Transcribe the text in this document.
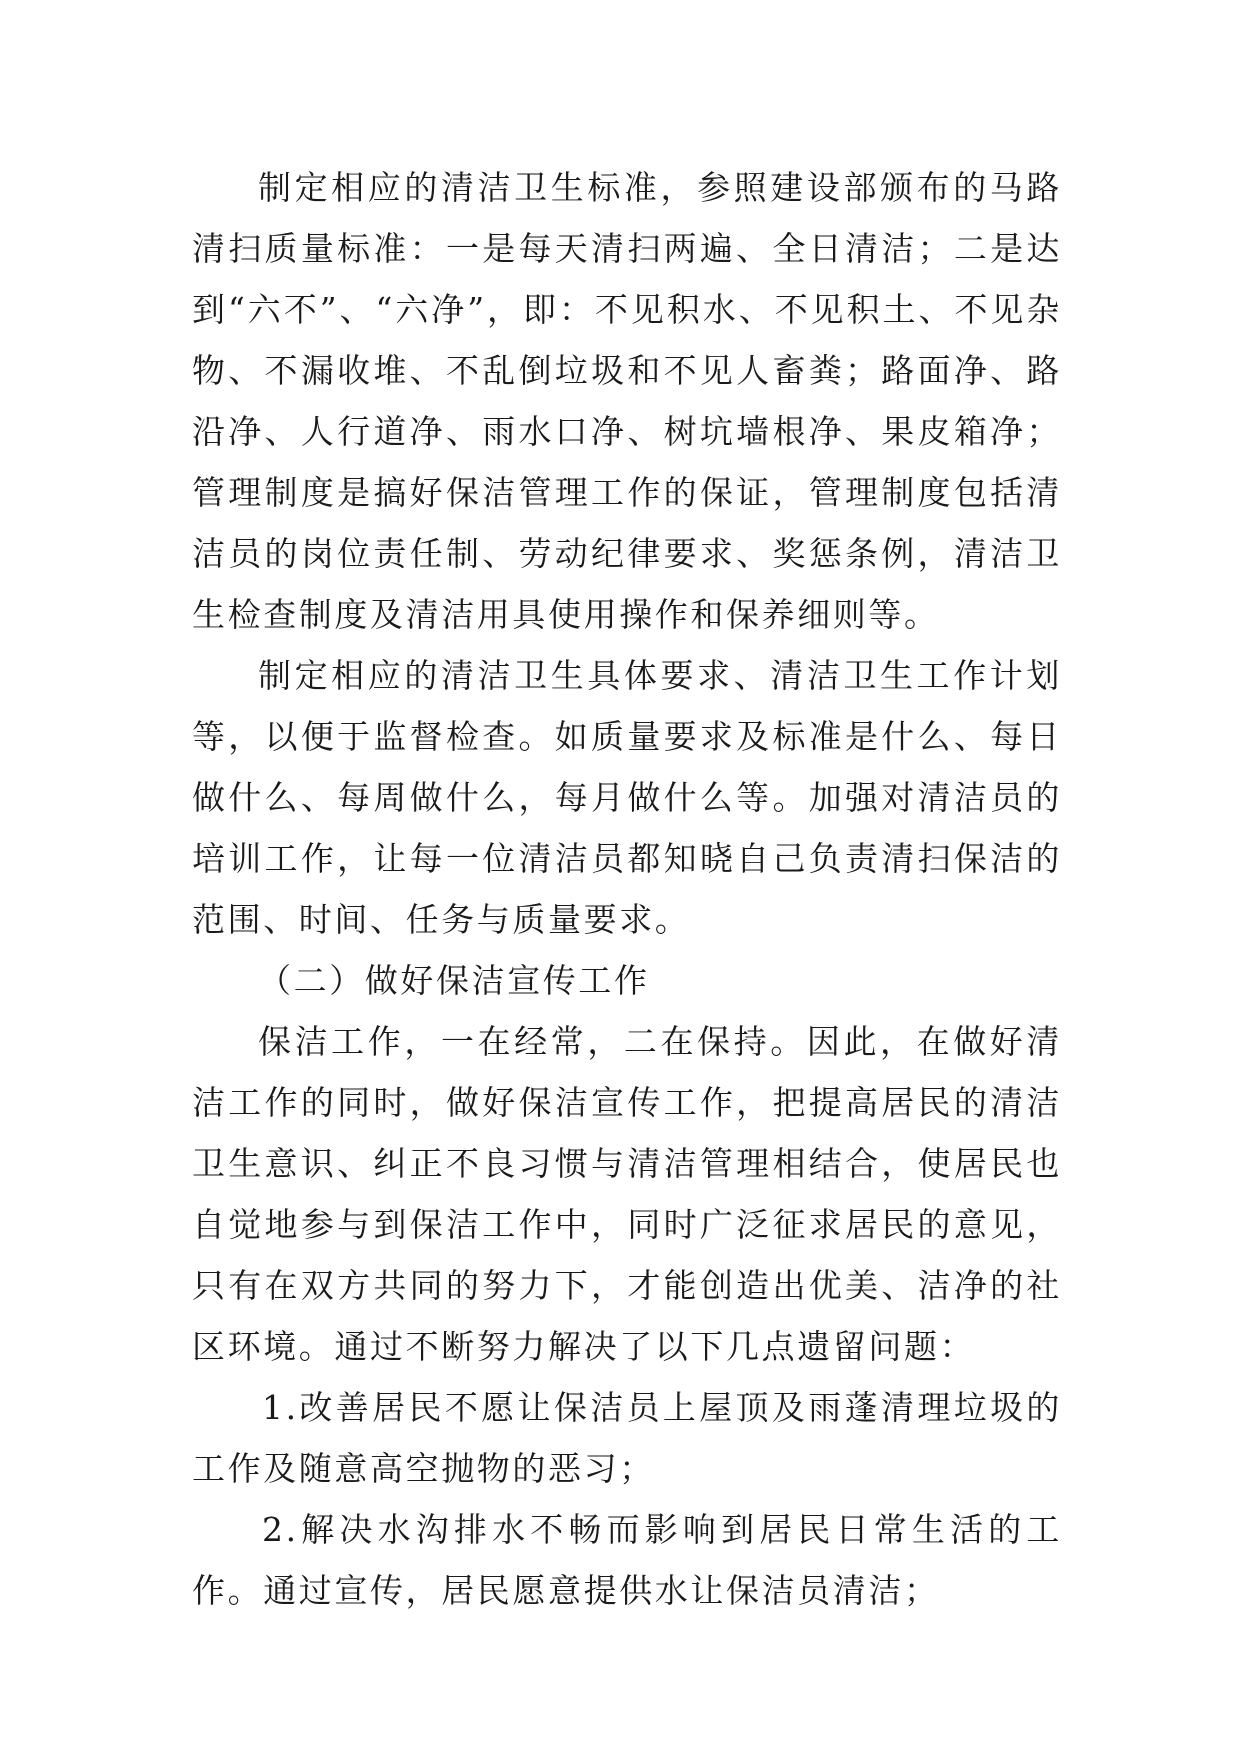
制定相应的清洁卫生标准，参照建设部颁布的马路清扫质量标准：一是每天清扫两遍、全日清洁；二是达到“六不”、“六净”，即：不见积水、不见积土、不见杂物、不漏收堆、不乱倒垃圾和不见人畜粪；路面净、路沿净、人行道净、雨水口净、树坑墙根净、果皮箱净；管理制度是搞好保洁管理工作的保证，管理制度包括清洁员的岗位责任制、劳动纪律要求、奖惩条例，清洁卫生检查制度及清洁用具使用操作和保养细则等。

制定相应的清洁卫生具体要求、清洁卫生工作计划等，以便于监督检查。如质量要求及标准是什么、每日做什么、每周做什么，每月做什么等。加强对清洁员的培训工作，让每一位清洁员都知晓自己负责清扫保洁的范围、时间、任务与质量要求。

（二）做好保洁宣传工作

保洁工作，一在经常，二在保持。因此，在做好清洁工作的同时，做好保洁宣传工作，把提高居民的清洁卫生意识、纠正不良习惯与清洁管理相结合，使居民也自觉地参与到保洁工作中，同时广泛征求居民的意见，只有在双方共同的努力下，才能创造出优美、洁净的社区环境。通过不断努力解决了以下几点遗留问题：

1.改善居民不愿让保洁员上屋顶及雨蓬清理垃圾的工作及随意高空抛物的恶习；

2.解决水沟排水不畅而影响到居民日常生活的工作。通过宣传，居民愿意提供水让保洁员清洁；
